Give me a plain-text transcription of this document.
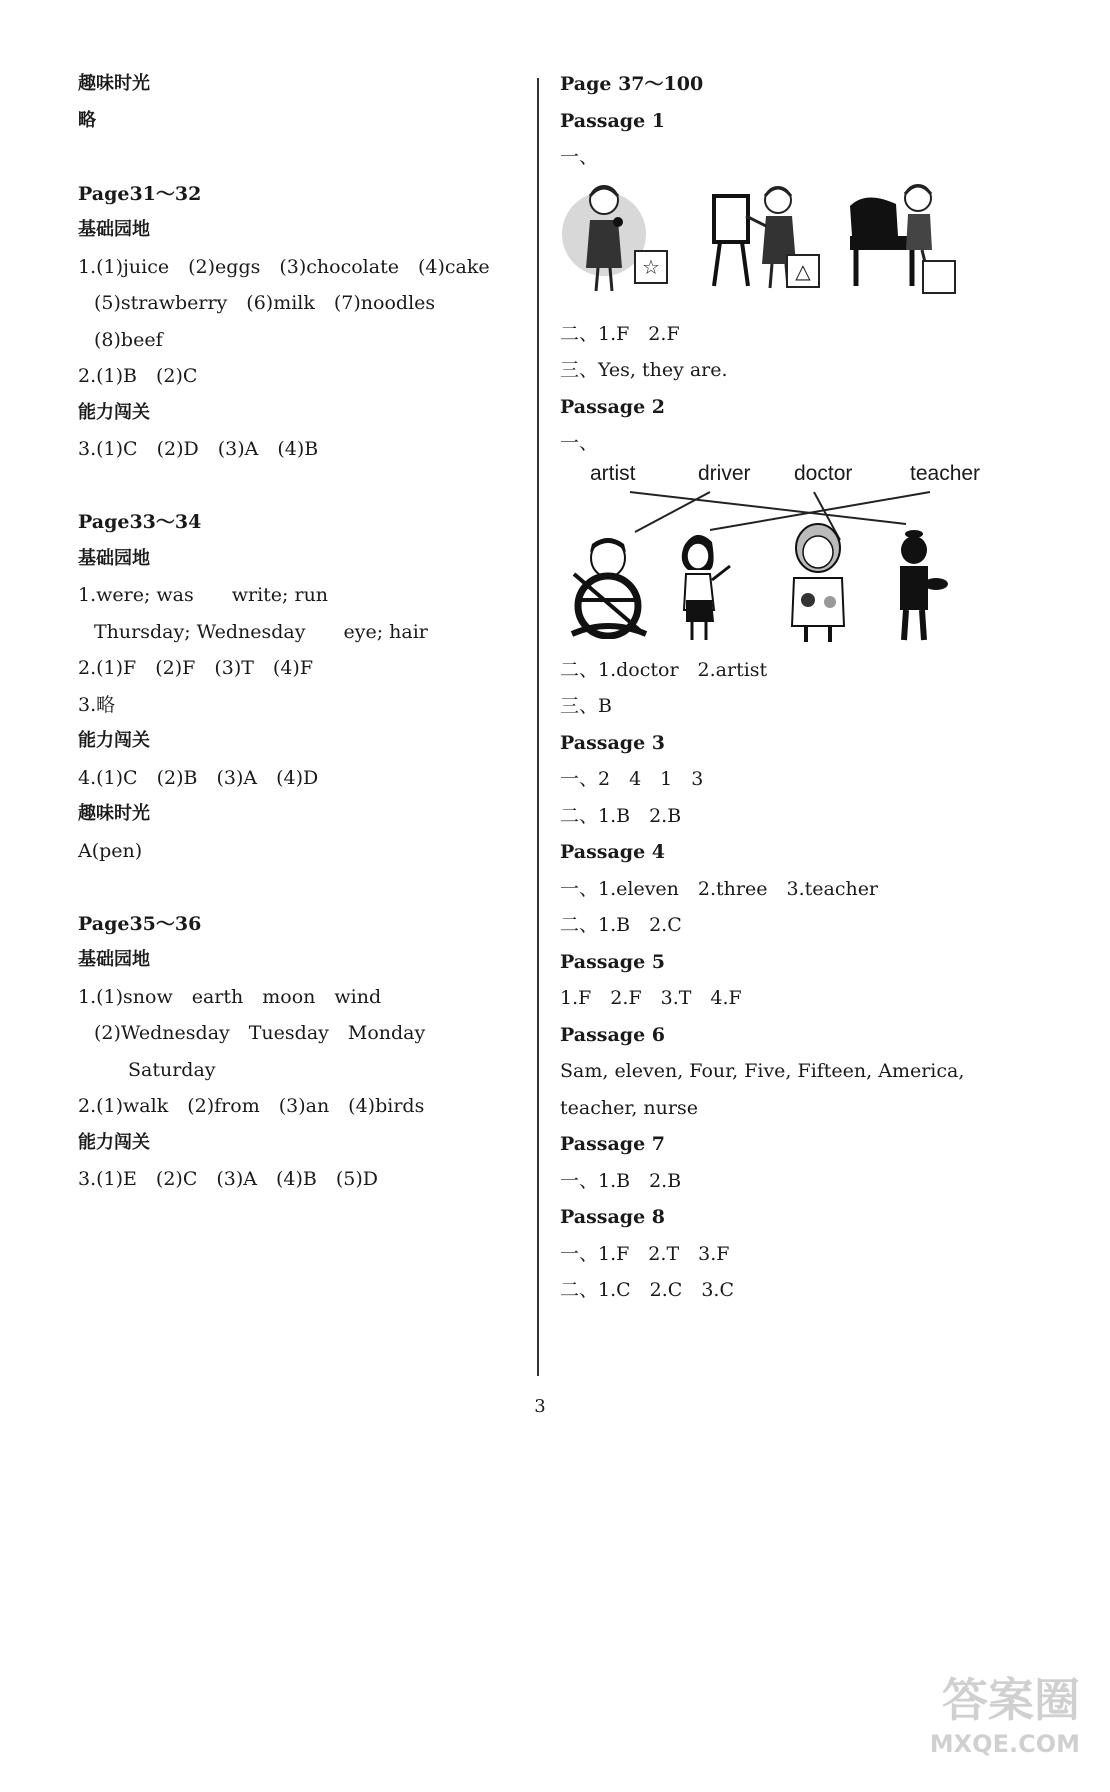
趣味时光
略
Page31～32
基础园地
1.(1)juice　(2)eggs　(3)chocolate　(4)cake
(5)strawberry　(6)milk　(7)noodles
(8)beef
2.(1)B　(2)C
能力闯关
3.(1)C　(2)D　(3)A　(4)B
Page33～34
基础园地
1.were; was　　write; run
Thursday; Wednesday　　eye; hair
2.(1)F　(2)F　(3)T　(4)F
3.略
能力闯关
4.(1)C　(2)B　(3)A　(4)D
趣味时光
A(pen)
Page35～36
基础园地
1.(1)snow　earth　moon　wind
(2)Wednesday　Tuesday　Monday
Saturday
2.(1)walk　(2)from　(3)an　(4)birds
能力闯关
3.(1)E　(2)C　(3)A　(4)B　(5)D
Page 37～100
Passage 1
一、
☆	△
二、1.F　2.F
三、Yes, they are.
Passage 2
一、
artist	driver doctor	teacher
二、1.doctor　2.artist
三、B
Passage 3
一、2　4　1　3
二、1.B　2.B
Passage 4
一、1.eleven　2.three　3.teacher
二、1.B　2.C
Passage 5
1.F　2.F　3.T　4.F
Passage 6
Sam, eleven, Four, Five, Fifteen, America,
teacher, nurse
Passage 7
一、1.B　2.B
Passage 8
一、1.F　2.T　3.F
二、1.C　2.C　3.C
3
答案圈
MXQE.COM
